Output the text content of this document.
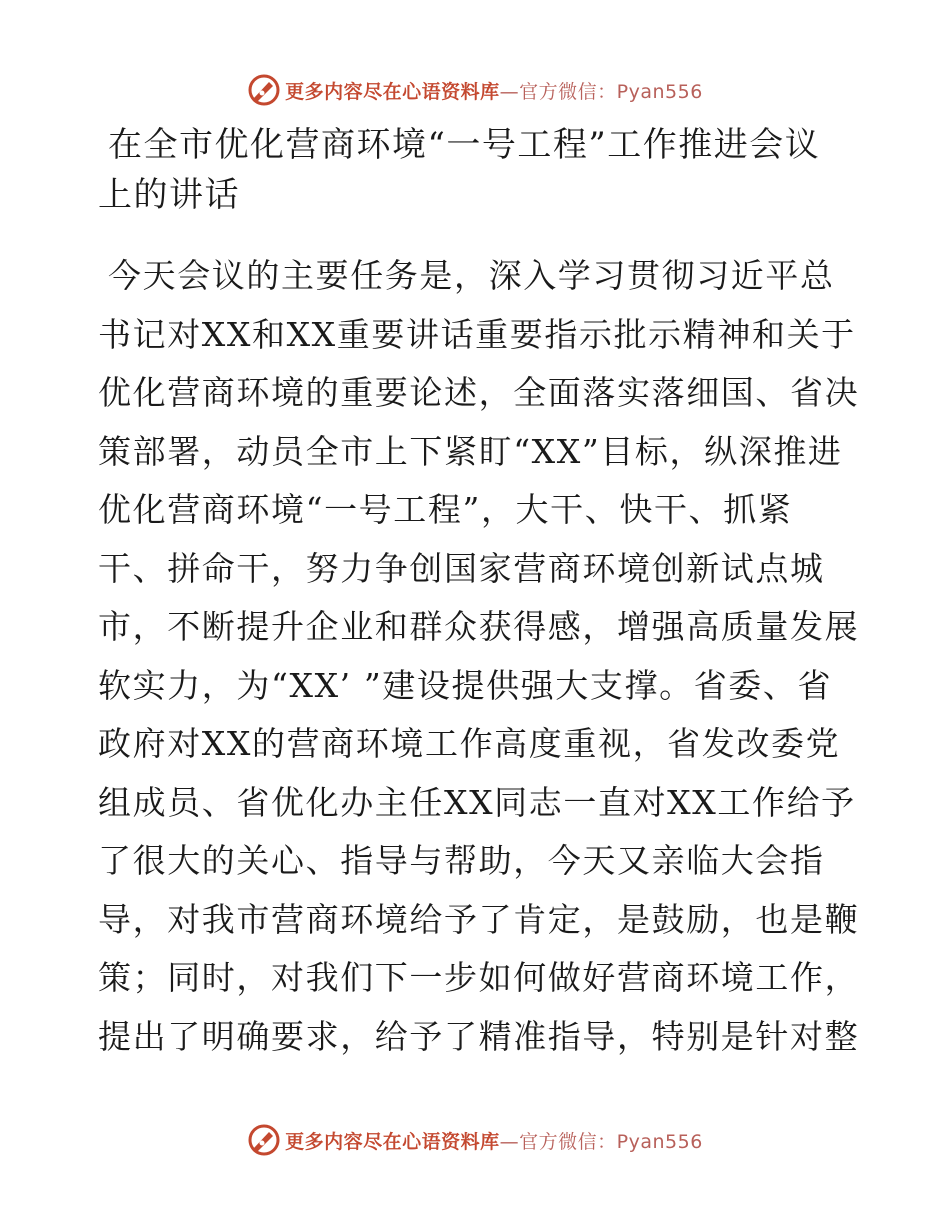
更多内容尽在心语资料库—官方微信：Pyan556
在全市优化营商环境“一号工程”工作推进会议
上的讲话

今天会议的主要任务是，深入学习贯彻习近平总
书记对XX和XX重要讲话重要指示批示精神和关于
优化营商环境的重要论述，全面落实落细国、省决
策部署，动员全市上下紧盯“XX”目标，纵深推进
优化营商环境“一号工程”，大干、快干、抓紧
干、拼命干，努力争创国家营商环境创新试点城
市，不断提升企业和群众获得感，增强高质量发展
软实力，为“XX’ ”建设提供强大支撑。省委、省
政府对XX的营商环境工作高度重视，省发改委党
组成员、省优化办主任XX同志一直对XX工作给予
了很大的关心、指导与帮助，今天又亲临大会指
导，对我市营商环境给予了肯定，是鼓励，也是鞭
策；同时，对我们下一步如何做好营商环境工作，
提出了明确要求，给予了精准指导，特别是针对整

更多内容尽在心语资料库—官方微信：Pyan556
